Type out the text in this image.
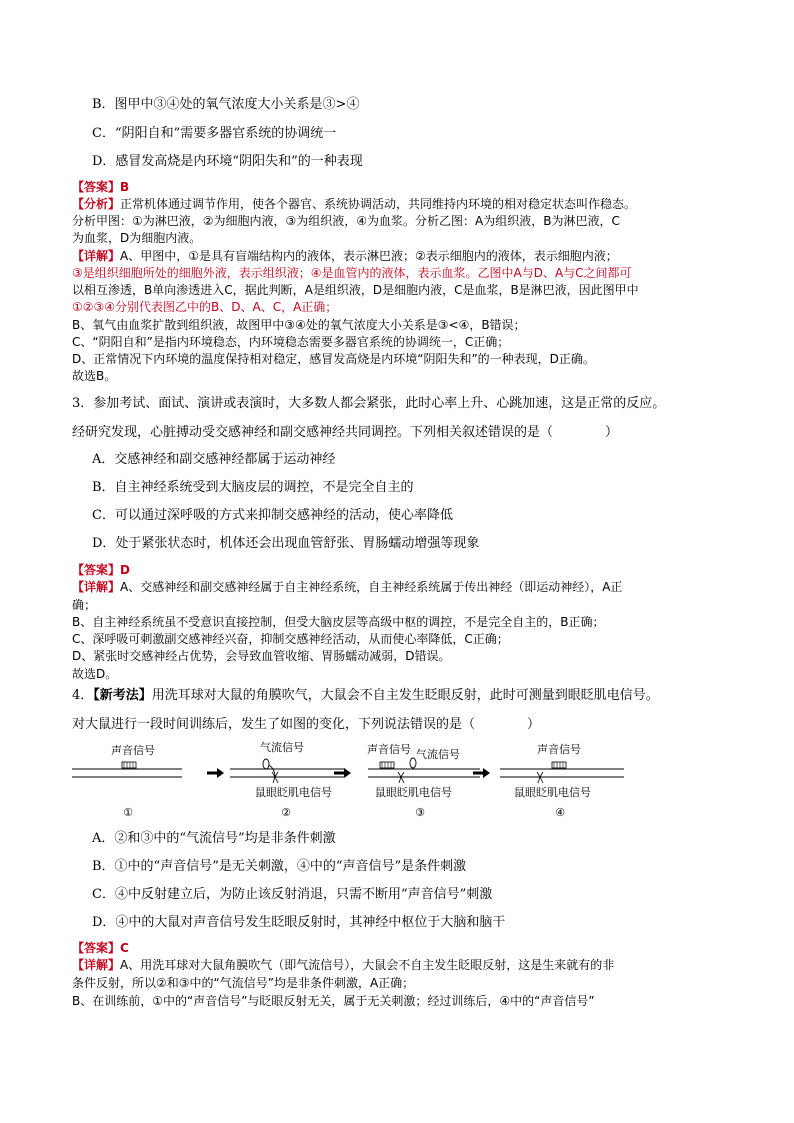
B．图甲中③④处的氧气浓度大小关系是③>④
C．“阴阳自和”需要多器官系统的协调统一
D．感冒发高烧是内环境“阴阳失和”的一种表现
【答案】B
【分析】正常机体通过调节作用，使各个器官、系统协调活动，共同维持内环境的相对稳定状态叫作稳态。
分析甲图：①为淋巴液，②为细胞内液，③为组织液，④为血浆。分析乙图：A为组织液，B为淋巴液，C
为血浆，D为细胞内液。
【详解】A、甲图中，①是具有盲端结构内的液体，表示淋巴液；②表示细胞内的液体，表示细胞内液；
③是组织细胞所处的细胞外液，表示组织液；④是血管内的液体，表示血浆。乙图中A与D、A与C之间都可
以相互渗透，B单向渗透进入C，据此判断，A是组织液，D是细胞内液，C是血浆，B是淋巴液，因此图甲中
①②③④分别代表图乙中的B、D、A、C，A正确；
B、氧气由血浆扩散到组织液，故图甲中③④处的氧气浓度大小关系是③<④，B错误；
C、“阴阳自和”是指内环境稳态，内环境稳态需要多器官系统的协调统一，C正确；
D、正常情况下内环境的温度保持相对稳定，感冒发高烧是内环境“阴阳失和”的一种表现，D正确。
故选B。
3．参加考试、面试、演讲或表演时，大多数人都会紧张，此时心率上升、心跳加速，这是正常的反应。
经研究发现，心脏搏动受交感神经和副交感神经共同调控。下列相关叙述错误的是（　　　　）
A．交感神经和副交感神经都属于运动神经
B．自主神经系统受到大脑皮层的调控，不是完全自主的
C．可以通过深呼吸的方式来抑制交感神经的活动，使心率降低
D．处于紧张状态时，机体还会出现血管舒张、胃肠蠕动增强等现象
【答案】D
【详解】A、交感神经和副交感神经属于自主神经系统，自主神经系统属于传出神经（即运动神经），A正
确；
B、自主神经系统虽不受意识直接控制，但受大脑皮层等高级中枢的调控，不是完全自主的，B正确；
C、深呼吸可刺激副交感神经兴奋，抑制交感神经活动，从而使心率降低，C正确；
D、紧张时交感神经占优势，会导致血管收缩、胃肠蠕动减弱，D错误。
故选D。
4．【新考法】用洗耳球对大鼠的角膜吹气，大鼠会不自主发生眨眼反射，此时可测量到眼眨肌电信号。
对大鼠进行一段时间训练后，发生了如图的变化，下列说法错误的是（　　　　）
声音信号
①
气流信号
鼠眼眨肌电信号
②
声音信号 气流信号
鼠眼眨肌电信号
③
声音信号
鼠眼眨肌电信号
④
A．②和③中的“气流信号”均是非条件刺激
B．①中的“声音信号”是无关刺激，④中的“声音信号”是条件刺激
C．④中反射建立后，为防止该反射消退，只需不断用“声音信号”刺激
D．④中的大鼠对声音信号发生眨眼反射时，其神经中枢位于大脑和脑干
【答案】C
【详解】A、用洗耳球对大鼠角膜吹气（即气流信号），大鼠会不自主发生眨眼反射，这是生来就有的非
条件反射，所以②和③中的“气流信号”均是非条件刺激，A正确；
B、在训练前，①中的“声音信号”与眨眼反射无关，属于无关刺激；经过训练后，④中的“声音信号”
